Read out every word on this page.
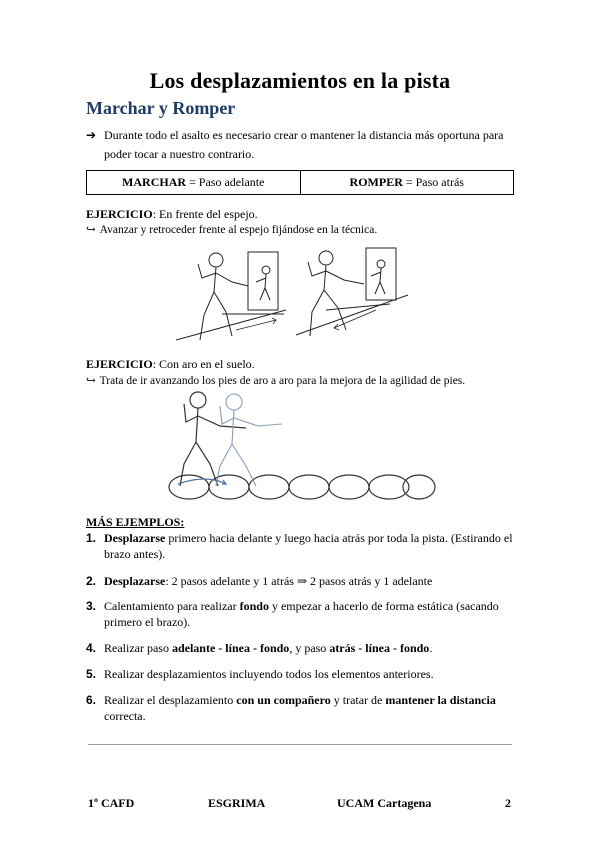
Los desplazamientos en la pista
Marchar y Romper
➔ Durante todo el asalto es necesario crear o mantener la distancia más oportuna para poder tocar a nuestro contrario.
MARCHAR = Paso adelante	ROMPER = Paso atrás
EJERCICIO: En frente del espejo.
↪ Avanzar y retroceder frente al espejo fijándose en la técnica.
EJERCICIO: Con aro en el suelo.
↪ Trata de ir avanzando los pies de aro a aro para la mejora de la agilidad de pies.
MÁS EJEMPLOS:
1. Desplazarse primero hacia delante y luego hacia atrás por toda la pista. (Estirando el brazo antes).
2. Desplazarse: 2 pasos adelante y 1 atrás ⇒ 2 pasos atrás y 1 adelante
3. Calentamiento para realizar fondo y empezar a hacerlo de forma estática (sacando primero el brazo).
4. Realizar paso adelante - línea - fondo, y paso atrás - línea - fondo.
5. Realizar desplazamientos incluyendo todos los elementos anteriores.
6. Realizar el desplazamiento con un compañero y tratar de mantener la distancia correcta.
1º CAFD	ESGRIMA	UCAM Cartagena	2
